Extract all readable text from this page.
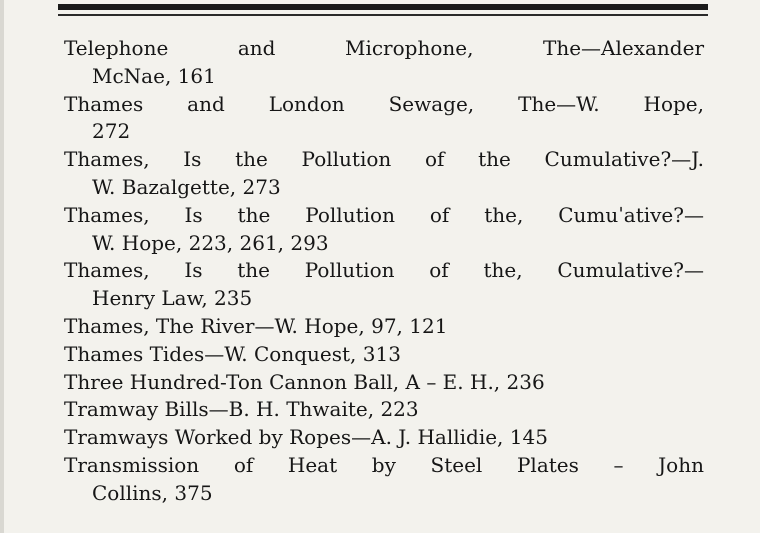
Telephone and Microphone, The—Alexander
McNae, 161
Thames and London Sewage, The—W. Hope,
272
Thames, Is the Pollution of the Cumulative?—J.
W. Bazalgette, 273
Thames, Is the Pollution of the, Cumuˈative?—
W. Hope, 223, 261, 293
Thames, Is the Pollution of the, Cumulative?—
Henry Law, 235
Thames, The River—W. Hope, 97, 121
Thames Tides—W. Conquest, 313
Three Hundred-Ton Cannon Ball, A – E. H., 236
Tramway Bills—B. H. Thwaite, 223
Tramways Worked by Ropes—A. J. Hallidie, 145
Transmission of Heat by Steel Plates – John
Collins, 375
